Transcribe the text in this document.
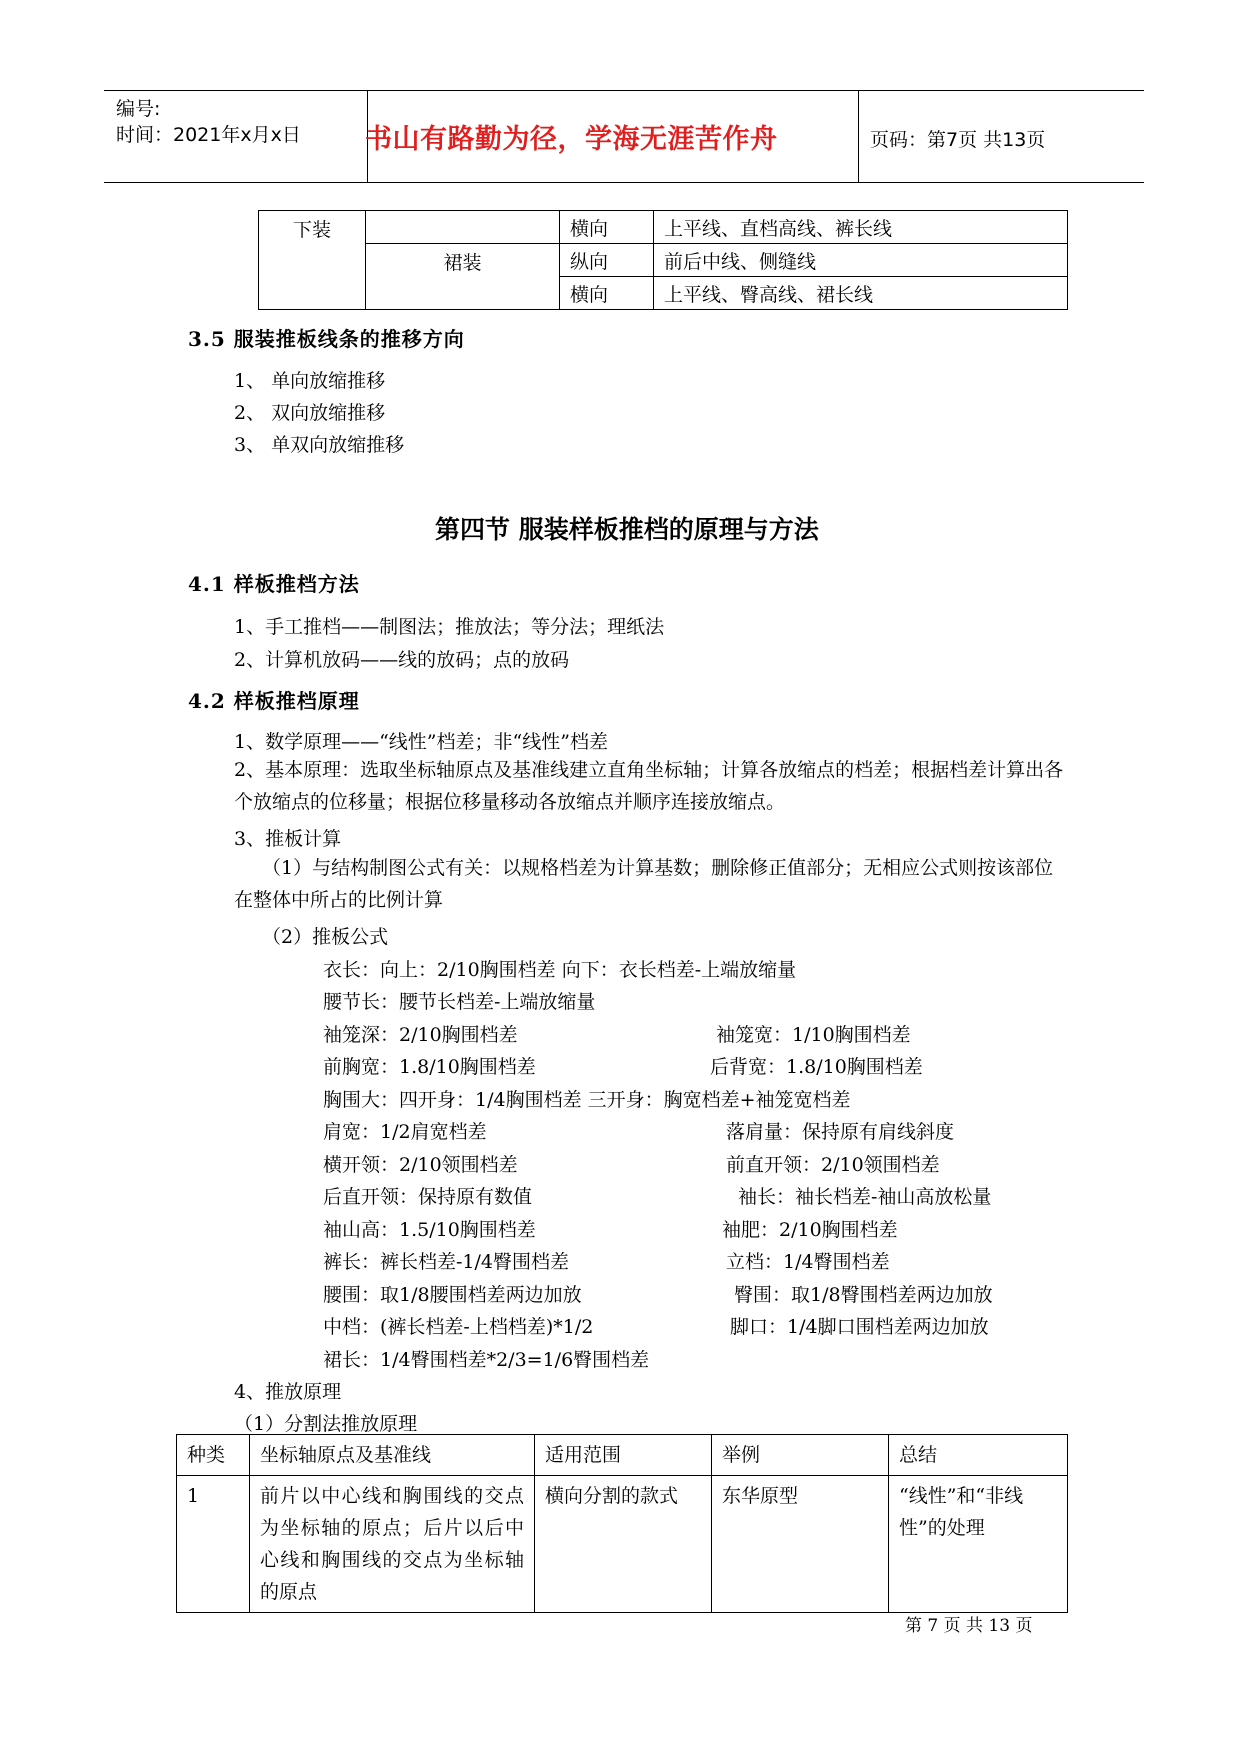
编号:
时间：2021年x月x日 书山有路勤为径，学海无涯苦作舟	页码：第7页 共13页
下装		横向	上平线、直档高线、裤长线
	裙装	纵向	前后中线、侧缝线
		横向	上平线、臀高线、裙长线
3.5 服装推板线条的推移方向
1、 单向放缩推移
2、 双向放缩推移
3、 单双向放缩推移
第四节 服装样板推档的原理与方法
4.1 样板推档方法
1、手工推档——制图法；推放法；等分法；理纸法
2、计算机放码——线的放码；点的放码
4.2 样板推档原理
1、数学原理——“线性”档差；非“线性”档差
2、基本原理：选取坐标轴原点及基准线建立直角坐标轴；计算各放缩点的档差；根据档差计算出各个放缩点的位移量；根据位移量移动各放缩点并顺序连接放缩点。
3、推板计算
（1）与结构制图公式有关：以规格档差为计算基数；删除修正值部分；无相应公式则按该部位在整体中所占的比例计算
（2）推板公式
衣长：向上：2/10胸围档差 向下：衣长档差-上端放缩量
腰节长：腰节长档差-上端放缩量
袖笼深：2/10胸围档差	袖笼宽：1/10胸围档差
前胸宽：1.8/10胸围档差	后背宽：1.8/10胸围档差
胸围大：四开身：1/4胸围档差 三开身：胸宽档差+袖笼宽档差
肩宽：1/2肩宽档差	落肩量：保持原有肩线斜度
横开领：2/10领围档差	前直开领：2/10领围档差
后直开领：保持原有数值	袖长：袖长档差-袖山高放松量
袖山高：1.5/10胸围档差	袖肥：2/10胸围档差
裤长：裤长档差-1/4臀围档差	立档：1/4臀围档差
腰围：取1/8腰围档差两边加放	臀围：取1/8臀围档差两边加放
中档：(裤长档差-上档档差)*1/2	脚口：1/4脚口围档差两边加放
裙长：1/4臀围档差*2/3=1/6臀围档差
4、推放原理
（1）分割法推放原理
种类	坐标轴原点及基准线	适用范围	举例	总结
1	前片以中心线和胸围线的交点为坐标轴的原点；后片以后中心线和胸围线的交点为坐标轴的原点	横向分割的款式	东华原型	“线性”和“非线性”的处理
第 7 页 共 13 页
